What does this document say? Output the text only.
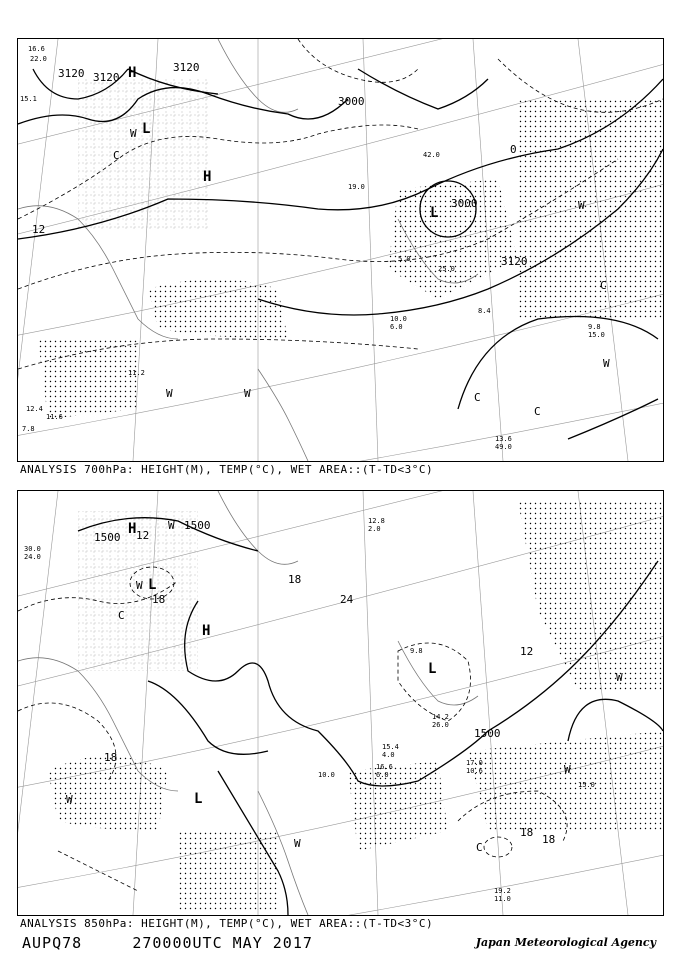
3120 3120
3120
3000
3000
3120
12
0
H
H
L
L
W
W	W
W
C
C
C
C
W
16.6
22.0
15.1
13.6
49.0
9.8
15.0
8.4
19.0
10.0
6.0
11.2
12.4
11.6
7.8
42.0
5.0
25.0
ANALYSIS 700hPa: HEIGHT(M), TEMP(°C), WET AREA::(T-TD<3°C)
1500
1500
1500
12
18	24
18
18
18
18
12
H
H
L
L
L
W
C
W
W
W	C
W
W
30.0
24.0
19.2
11.0
17.0
10.6
16.6
6.0
15.4
4.0
14.2
26.0
10.0
15.0
12.8
2.0
9.8
ANALYSIS 850hPa: HEIGHT(M), TEMP(°C), WET AREA::(T-TD<3°C)
AUPQ78	270000UTC MAY 2017	Japan Meteorological Agency
